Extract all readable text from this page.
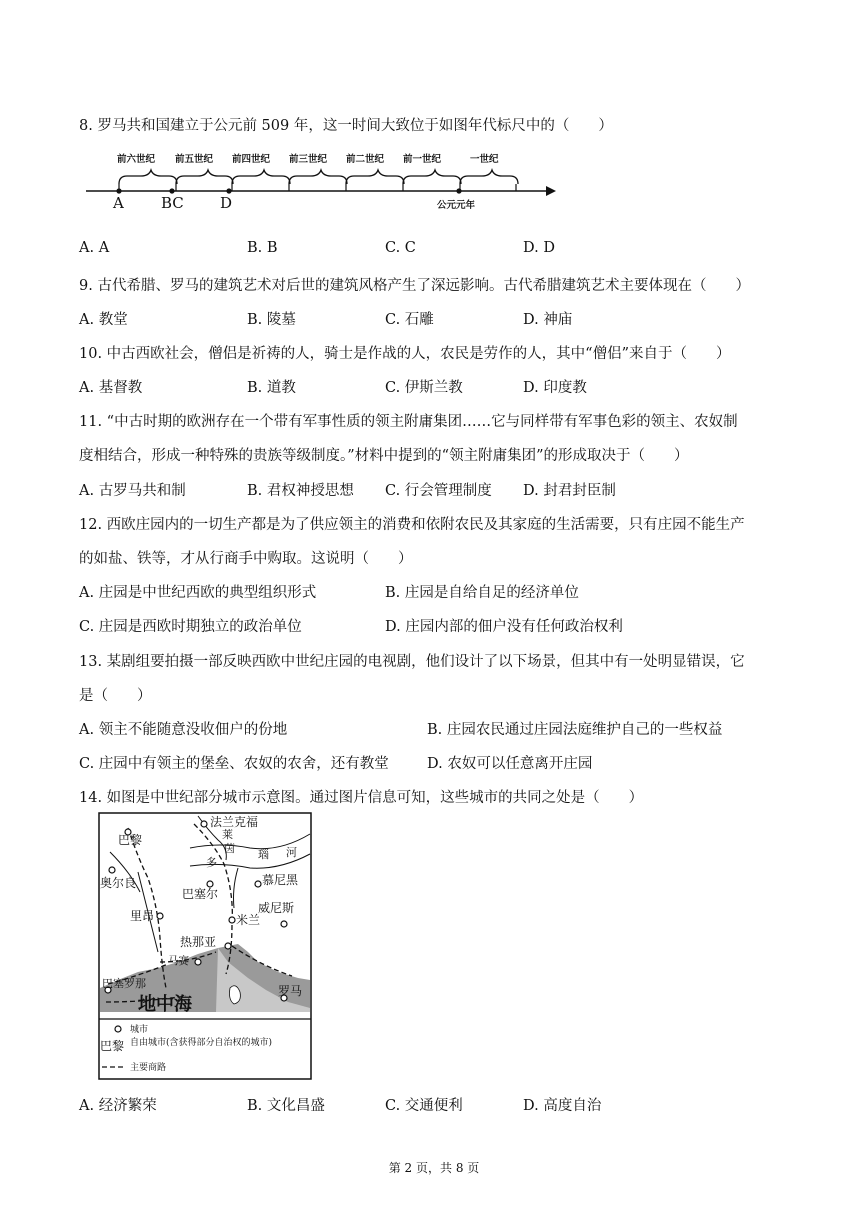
8. 罗马共和国建立于公元前 509 年，这一时间大致位于如图年代标尺中的（　　）
前六世纪 前五世纪 前四世纪 前三世纪 前二世纪 前一世纪	一世纪
A BC D	公元元年
A. A	B. B	C. C	D. D
9. 古代希腊、罗马的建筑艺术对后世的建筑风格产生了深远影响。古代希腊建筑艺术主要体现在（　　）
A. 教堂	B. 陵墓	C. 石雕	D. 神庙
10. 中古西欧社会，僧侣是祈祷的人，骑士是作战的人，农民是劳作的人，其中“僧侣”来自于（　　）
A. 基督教	B. 道教	C. 伊斯兰教	D. 印度教
11. “中古时期的欧洲存在一个带有军事性质的领主附庸集团……它与同样带有军事色彩的领主、农奴制
度相结合，形成一种特殊的贵族等级制度。”材料中提到的“领主附庸集团”的形成取决于（　　）
A. 古罗马共和制	B. 君权神授思想 C. 行会管理制度 D. 封君封臣制
12. 西欧庄园内的一切生产都是为了供应领主的消费和依附农民及其家庭的生活需要，只有庄园不能生产
的如盐、铁等，才从行商手中购取。这说明（　　）
A. 庄园是中世纪西欧的典型组织形式	B. 庄园是自给自足的经济单位
C. 庄园是西欧时期独立的政治单位	D. 庄园内部的佃户没有任何政治权利
13. 某剧组要拍摄一部反映西欧中世纪庄园的电视剧，他们设计了以下场景，但其中有一处明显错误，它
是（　　）
A. 领主不能随意没收佃户的份地	B. 庄园农民通过庄园法庭维护自己的一些权益
C. 庄园中有领主的堡垒、农奴的农舍，还有教堂	D. 农奴可以任意离开庄园
14. 如图是中世纪部分城市示意图。通过图片信息可知，这些城市的共同之处是（　　）
法兰克福
巴黎
奥尔良
巴塞尔
慕尼黑
里昂	米兰
威尼斯
热那亚
马赛
罗马
巴塞罗那
莱
茵
多
瑙 河
地中海
城市
巴黎 自由城市(含获得部分自治权的城市)
主要商路
A. 经济繁荣	B. 文化昌盛	C. 交通便利	D. 高度自治
第 2 页，共 8 页
